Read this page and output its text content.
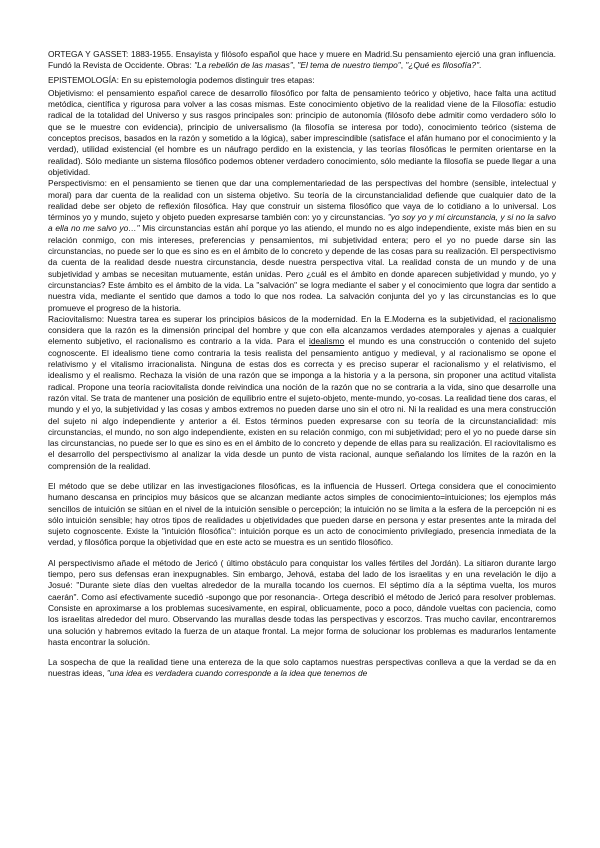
ORTEGA Y GASSET: 1883-1955. Ensayista y filósofo español que hace y muere en Madrid.Su pensamiento ejerció una gran influencia. Fundó la Revista de Occidente. Obras: "La rebelión de las masas", "El tema de nuestro tiempo", "¿Qué es filosofía?".

EPISTEMOLOGÍA: En su epistemologia podemos distinguir tres etapas:

Objetivismo: el pensamiento español carece de desarrollo filosófico por falta de pensamiento teórico y objetivo, hace falta una actitud metódica, científica y rigurosa para volver a las cosas mismas. Este conocimiento objetivo de la realidad viene de la Filosofía: estudio radical de la totalidad del Universo y sus rasgos principales son: principio de autonomía (filósofo debe admitir como verdadero sólo lo que se le muestre con evidencia), principio de universalismo (la filosofía se interesa por todo), conocimiento teórico (sistema de conceptos precisos, basados en la razón y sometido a la lógica), saber imprescindible (satisface el afán humano por el conocimiento y la verdad), utilidad existencial (el hombre es un náufrago perdido en la existencia, y las teorías filosóficas le permiten orientarse en la realidad). Sólo mediante un sistema filosófico podemos obtener verdadero conocimiento, sólo mediante la filosofía se puede llegar a una objetividad.

Perspectivismo: en el pensamiento se tienen que dar una complementariedad de las perspectivas del hombre (sensible, intelectual y moral) para dar cuenta de la realidad con un sistema objetivo. Su teoría de la circunstancialidad defiende que cualquier dato de la realidad debe ser objeto de reflexión filosófica. Hay que construir un sistema filosófico que vaya de lo cotidiano a lo universal. Los términos yo y mundo, sujeto y objeto pueden expresarse también con: yo y circunstancias. "yo soy yo y mi circunstancia, y si no la salvo a ella no me salvo yo…" Mis circunstancias están ahí porque yo las atiendo, el mundo no es algo independiente, existe más bien en su relación conmigo, con mis intereses, preferencias y pensamientos, mi subjetividad entera; pero el yo no puede darse sin las circunstancias, no puede ser lo que es sino es en el ámbito de lo concreto y depende de las cosas para su realización. El perspectivismo da cuenta de la realidad desde nuestra circunstancia, desde nuestra perspectiva vital. La realidad consta de un mundo y de una subjetividad y ambas se necesitan mutuamente, están unidas. Pero ¿cuál es el ámbito en donde aparecen subjetividad y mundo, yo y circunstancias? Este ámbito es el ámbito de la vida. La "salvación" se logra mediante el saber y el conocimiento que logra dar sentido a nuestra vida, mediante el sentido que damos a todo lo que nos rodea. La salvación conjunta del yo y las circunstancias es lo que promueve el progreso de la historia.

Raciovitalismo: Nuestra tarea es superar los principios básicos de la modernidad. En la E.Moderna es la subjetividad, el racionalismo considera que la razón es la dimensión principal del hombre y que con ella alcanzamos verdades atemporales y ajenas a cualquier elemento subjetivo, el racionalismo es contrario a la vida. Para el idealismo el mundo es una construcción o contenido del sujeto cognoscente. El idealismo tiene como contraria la tesis realista del pensamiento antiguo y medieval, y al racionalismo se opone el relativismo y el vitalismo irracionalista. Ninguna de estas dos es correcta y es preciso superar el racionalismo y el relativismo, el idealismo y el realismo. Rechaza la visión de una razón que se imponga a la historia y a la persona, sin proponer una actitud vitalista radical. Propone una teoría raciovitalista donde reivindica una noción de la razón que no se contraria a la vida, sino que desarrolle una razón vital. Se trata de mantener una posición de equilibrio entre el sujeto-objeto, mente-mundo, yo-cosas. La realidad tiene dos caras, el mundo y el yo, la subjetividad y las cosas y ambos extremos no pueden darse uno sin el otro ni. Ni la realidad es una mera construcción del sujeto ni algo independiente y anterior a él. Estos términos pueden expresarse con su teoría de la circunstancialidad: mis circunstancias, el mundo, no son algo independiente, existen en su relación conmigo, con mi subjetividad; pero el yo no puede darse sin las circunstancias, no puede ser lo que es sino es en el ámbito de lo concreto y depende de ellas para su realización. El raciovitalismo es el desarrollo del perspectivismo al analizar la vida desde un punto de vista racional, aunque señalando los límites de la razón en la comprensión de la realidad.

El método que se debe utilizar en las investigaciones filosóficas, es la influencia de Husserl. Ortega considera que el conocimiento humano descansa en principios muy básicos que se alcanzan mediante actos simples de conocimiento=intuiciones; los ejemplos más sencillos de intuición se sitúan en el nivel de la intuición sensible o percepción; la intuición no se limita a la esfera de la percepción ni es sólo intuición sensible; hay otros tipos de realidades u objetividades que pueden darse en persona y estar presentes ante la mirada del sujeto cognoscente. Existe la "intuición filosófica": intuición porque es un acto de conocimiento privilegiado, presencia inmediata de la verdad, y filosófica porque la objetividad que en este acto se muestra es un sentido filosófico.

Al perspectivismo añade el método de Jericó ( último obstáculo para conquistar los valles fértiles del Jordán). La sitiaron durante largo tiempo, pero sus defensas eran inexpugnables. Sin embargo, Jehová, estaba del lado de los israelitas y en una revelación le dijo a Josué: "Durante siete días den vueltas alrededor de la muralla tocando los cuernos. El séptimo día a la séptima vuelta, los muros caerán". Como así efectivamente sucedió -supongo que por resonancia-. Ortega describió el método de Jericó para resolver problemas. Consiste en aproximarse a los problemas sucesivamente, en espiral, oblicuamente, poco a poco, dándole vueltas con paciencia, como los israelitas alrededor del muro. Observando las murallas desde todas las perspectivas y escorzos. Tras mucho cavilar, encontraremos una solución y habremos evitado la fuerza de un ataque frontal. La mejor forma de solucionar los problemas es madurarlos lentamente hasta encontrar la solución.

La sospecha de que la realidad tiene una entereza de la que solo captamos nuestras perspectivas conlleva a que la verdad se da en nuestras ideas, "una idea es verdadera cuando corresponde a la idea que tenemos de
